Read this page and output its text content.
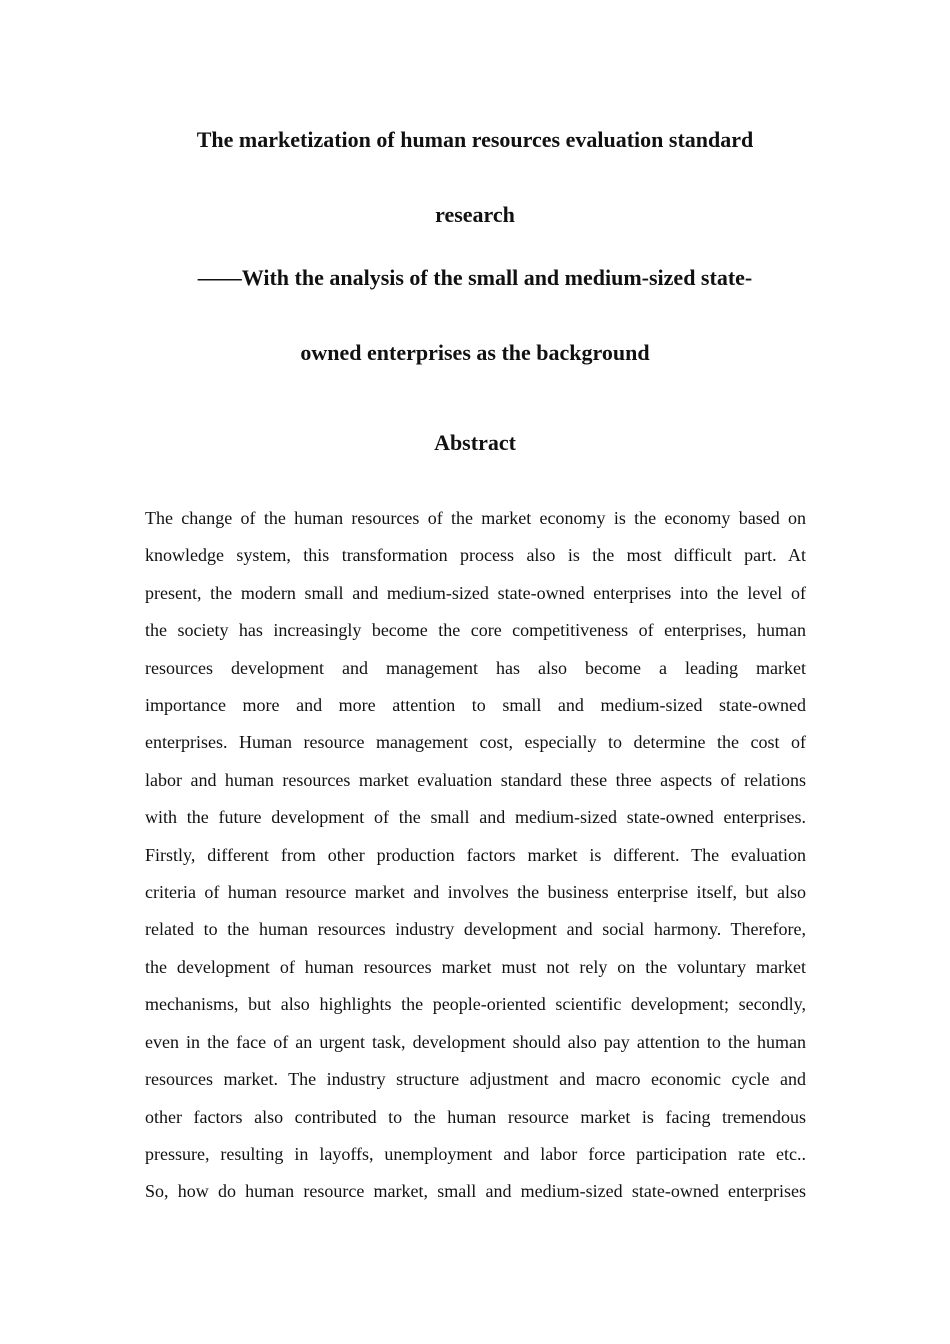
The marketization of human resources evaluation standard
research
——With the analysis of the small and medium-sized state-
owned enterprises as the background
Abstract
The change of the human resources of the market economy is the economy based on
knowledge system, this transformation process also is the most difficult part. At
present, the modern small and medium-sized state-owned enterprises into the level of
the society has increasingly become the core competitiveness of enterprises, human
resources development and management has also become a leading market
importance more and more attention to small and medium-sized state-owned
enterprises. Human resource management cost, especially to determine the cost of
labor and human resources market evaluation standard these three aspects of relations
with the future development of the small and medium-sized state-owned enterprises.
Firstly, different from other production factors market is different. The evaluation
criteria of human resource market and involves the business enterprise itself, but also
related to the human resources industry development and social harmony. Therefore,
the development of human resources market must not rely on the voluntary market
mechanisms, but also highlights the people-oriented scientific development; secondly,
even in the face of an urgent task, development should also pay attention to the human
resources market. The industry structure adjustment and macro economic cycle and
other factors also contributed to the human resource market is facing tremendous
pressure, resulting in layoffs, unemployment and labor force participation rate etc..
So, how do human resource market, small and medium-sized state-owned enterprises
